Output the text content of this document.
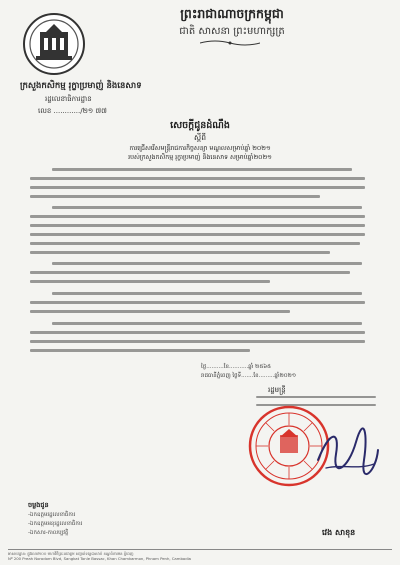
ព្រះរាជាណាចក្រកម្ពុជា
ជាតិ សាសនា ព្រះមហាក្សត្រ
ក្រសួងកសិកម្ម រុក្ខាប្រមាញ់ និងនេសាទ
រដ្ឋលេខាធិការដ្ឋាន
លេខ ............/២១ ៧៧
សេចក្តីជូនដំណឹង
ស្តីពី
ការជ្រើសរើសមន្ត្រីរាជការកិច្ចសន្យា មណ្ឌលសម្រាប់ឆ្នាំ ២០២១
របស់ក្រសួងកសិកម្ម រុក្ខាប្រមាញ់ និងនេសាទ សម្រាប់ឆ្នាំ២០២១
ថ្ងៃ..........ខែ...........ឆ្នាំ ២៥៦៥
រាជធានីភ្នំពេញ ថ្ងៃទី.......ខែ.........ឆ្នាំ២០២១
រដ្ឋមន្ត្រី
វេង សាខុន
ចម្លងជូន
-ឯកឧត្តមរដ្ឋលេខាធិការ
-ឯកឧត្តមអនុរដ្ឋលេខាធិការ
-ឯកសារ-កាលប្បវត្តិ
អាសយដ្ឋាន: ផ្លូវលេខ២០០ មហាវិថីព្រះនរោត្តម សង្កាត់ទន្លេបាសាក់ ខណ្ឌចំការមន ភ្នំពេញ
Nº 200 Preah Norodom Blvd, Sangkat Tonle Bassac, Khan Chamkarmon, Phnom Penh, Cambodia
